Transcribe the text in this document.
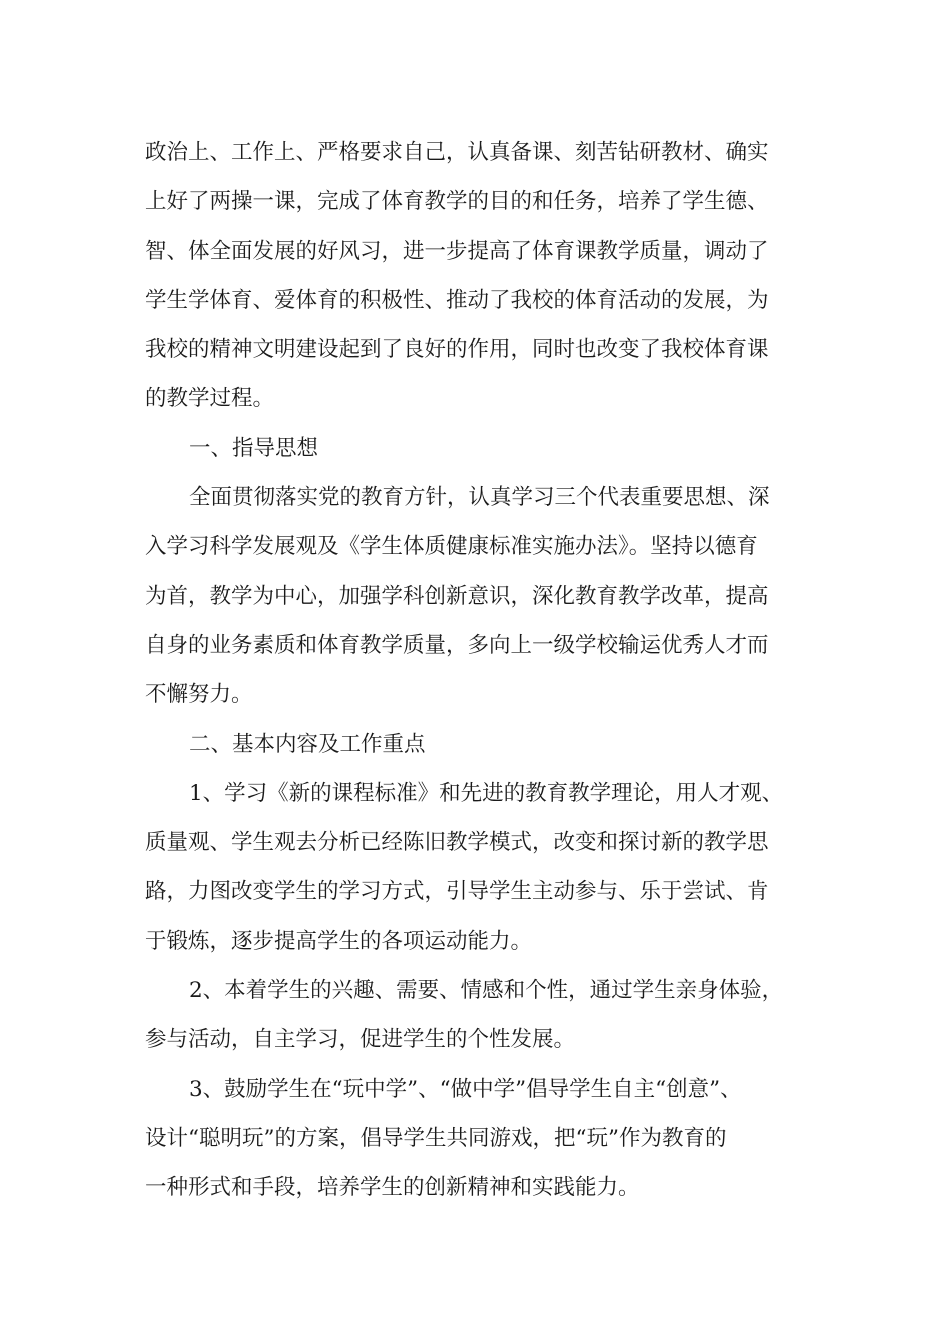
政治上、工作上、严格要求自己，认真备课、刻苦钻研教材、确实
上好了两操一课，完成了体育教学的目的和任务，培养了学生德、
智、体全面发展的好风习，进一步提高了体育课教学质量，调动了
学生学体育、爱体育的积极性、推动了我校的体育活动的发展，为
我校的精神文明建设起到了良好的作用，同时也改变了我校体育课
的教学过程。
一、指导思想
全面贯彻落实党的教育方针，认真学习三个代表重要思想、深
入学习科学发展观及《学生体质健康标准实施办法》。坚持以德育
为首，教学为中心，加强学科创新意识，深化教育教学改革，提高
自身的业务素质和体育教学质量，多向上一级学校输运优秀人才而
不懈努力。
二、基本内容及工作重点
1、学习《新的课程标准》和先进的教育教学理论，用人才观、
质量观、学生观去分析已经陈旧教学模式，改变和探讨新的教学思
路，力图改变学生的学习方式，引导学生主动参与、乐于尝试、肯
于锻炼，逐步提高学生的各项运动能力。
2、本着学生的兴趣、需要、情感和个性，通过学生亲身体验，
参与活动，自主学习，促进学生的个性发展。
3、鼓励学生在“玩中学”、“做中学”倡导学生自主“创意”、
设计“聪明玩”的方案，倡导学生共同游戏，把“玩”作为教育的
一种形式和手段，培养学生的创新精神和实践能力。
